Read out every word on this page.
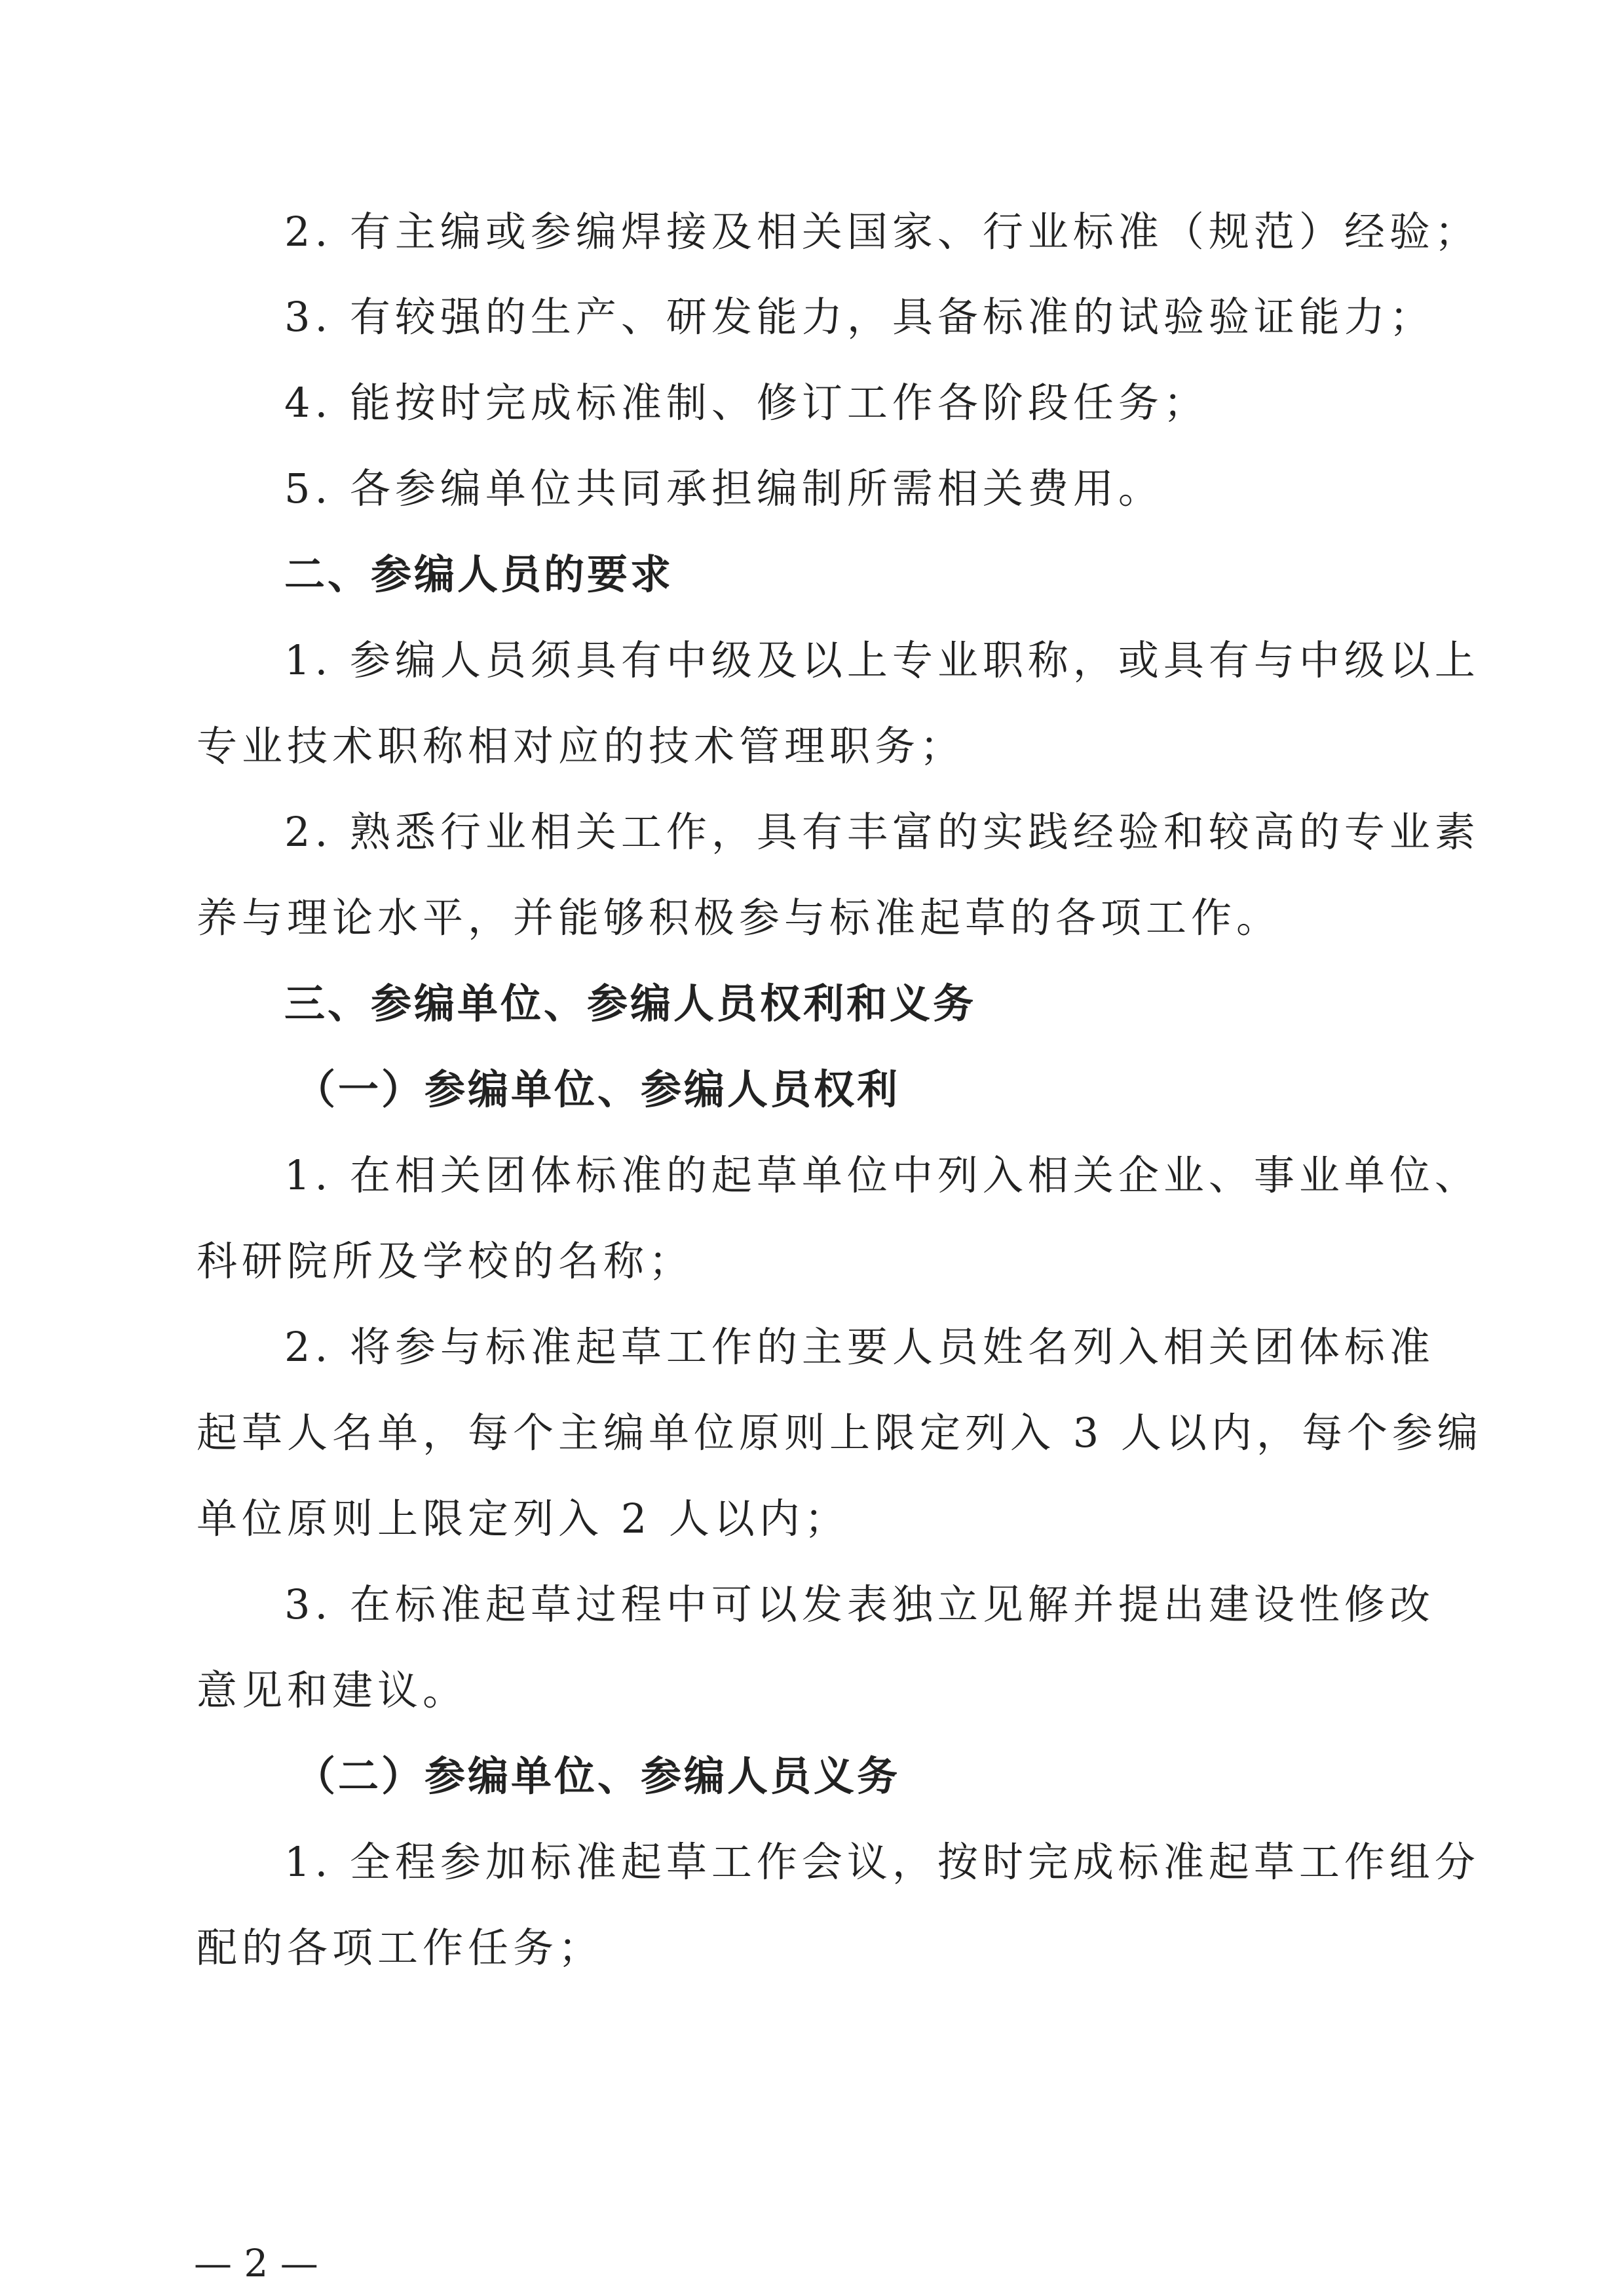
2. 有主编或参编焊接及相关国家、行业标准（规范）经验；
3. 有较强的生产、研发能力，具备标准的试验验证能力；
4. 能按时完成标准制、修订工作各阶段任务；
5. 各参编单位共同承担编制所需相关费用。
二、参编人员的要求
1. 参编人员须具有中级及以上专业职称，或具有与中级以上
专业技术职称相对应的技术管理职务；
2. 熟悉行业相关工作，具有丰富的实践经验和较高的专业素
养与理论水平，并能够积极参与标准起草的各项工作。
三、参编单位、参编人员权利和义务
（一）参编单位、参编人员权利
1. 在相关团体标准的起草单位中列入相关企业、事业单位、
科研院所及学校的名称；
2. 将参与标准起草工作的主要人员姓名列入相关团体标准
起草人名单，每个主编单位原则上限定列入 3 人以内，每个参编
单位原则上限定列入 2 人以内；
3. 在标准起草过程中可以发表独立见解并提出建设性修改
意见和建议。
（二）参编单位、参编人员义务
1. 全程参加标准起草工作会议，按时完成标准起草工作组分
配的各项工作任务；
— 2 —
